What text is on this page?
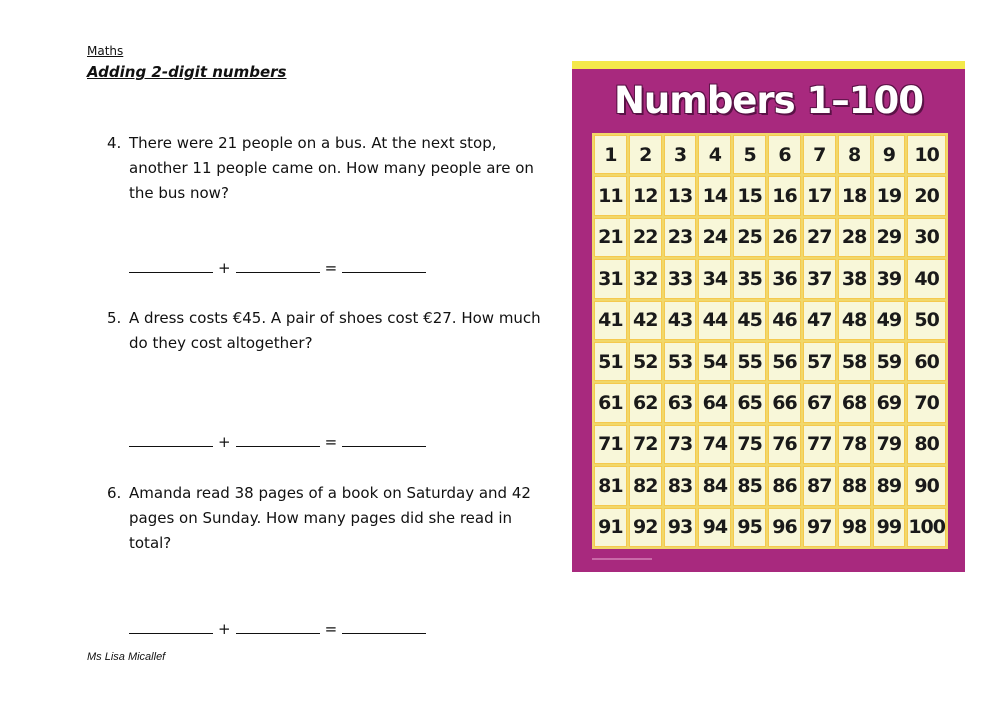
Maths
Adding 2-digit numbers
4. There were 21 people on a bus. At the next stop, another 11 people came on. How many people are on the bus now?
+	=
5. A dress costs €45. A pair of shoes cost €27. How much do they cost altogether?
+	=
6. Amanda read 38 pages of a book on Saturday and 42 pages on Sunday. How many pages did she read in total?
+	=
Ms Lisa Micallef
Numbers 1–100
1	2	3	4	5	6	7	8	9	10
11 12 13 14 15 16 17 18 19 20
21 22 23 24 25 26 27 28 29 30
31 32 33 34 35 36 37 38 39 40
41 42 43 44 45 46 47 48 49 50
51 52 53 54 55 56 57 58 59 60
61 62 63 64 65 66 67 68 69 70
71 72 73 74 75 76 77 78 79 80
81 82 83 84 85 86 87 88 89 90
91 92 93 94 95 96 97 98 99 100
